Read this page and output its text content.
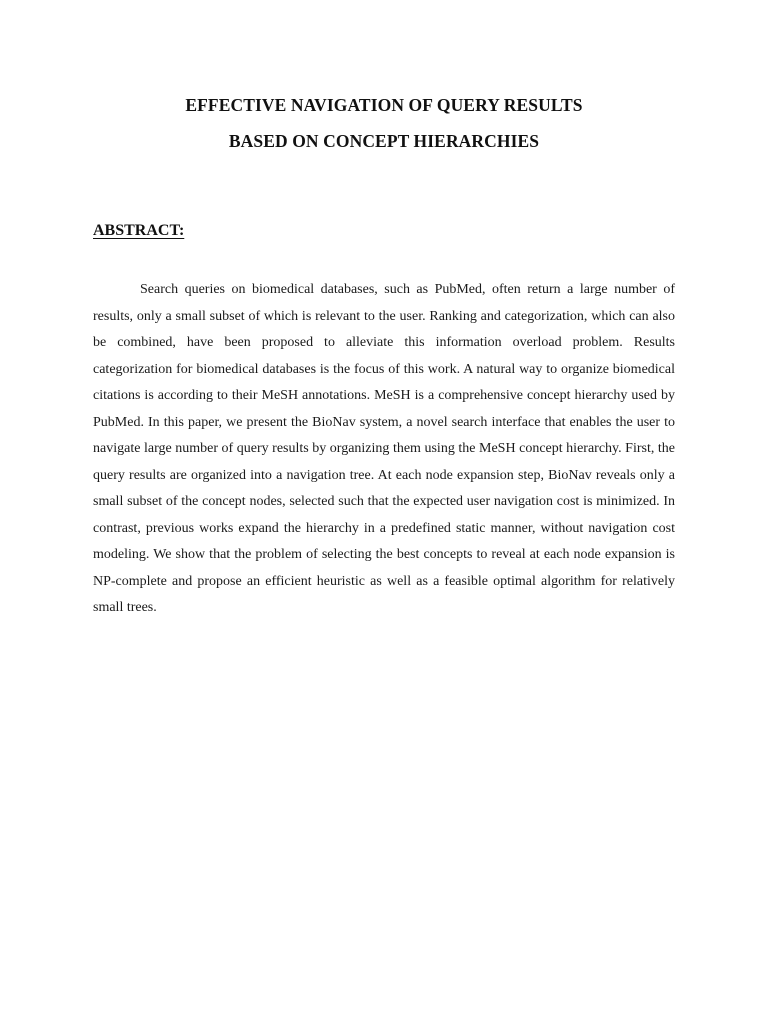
EFFECTIVE NAVIGATION OF QUERY RESULTS
BASED ON CONCEPT HIERARCHIES
ABSTRACT:

Search queries on biomedical databases, such as PubMed, often return a large number of results, only a small subset of which is relevant to the user. Ranking and categorization, which can also be combined, have been proposed to alleviate this information overload problem. Results categorization for biomedical databases is the focus of this work. A natural way to organize biomedical citations is according to their MeSH annotations. MeSH is a comprehensive concept hierarchy used by PubMed. In this paper, we present the BioNav system, a novel search interface that enables the user to navigate large number of query results by organizing them using the MeSH concept hierarchy. First, the query results are organized into a navigation tree. At each node expansion step, BioNav reveals only a small subset of the concept nodes, selected such that the expected user navigation cost is minimized. In contrast, previous works expand the hierarchy in a predefined static manner, without navigation cost modeling. We show that the problem of selecting the best concepts to reveal at each node expansion is NP-complete and propose an efficient heuristic as well as a feasible optimal algorithm for relatively small trees.
